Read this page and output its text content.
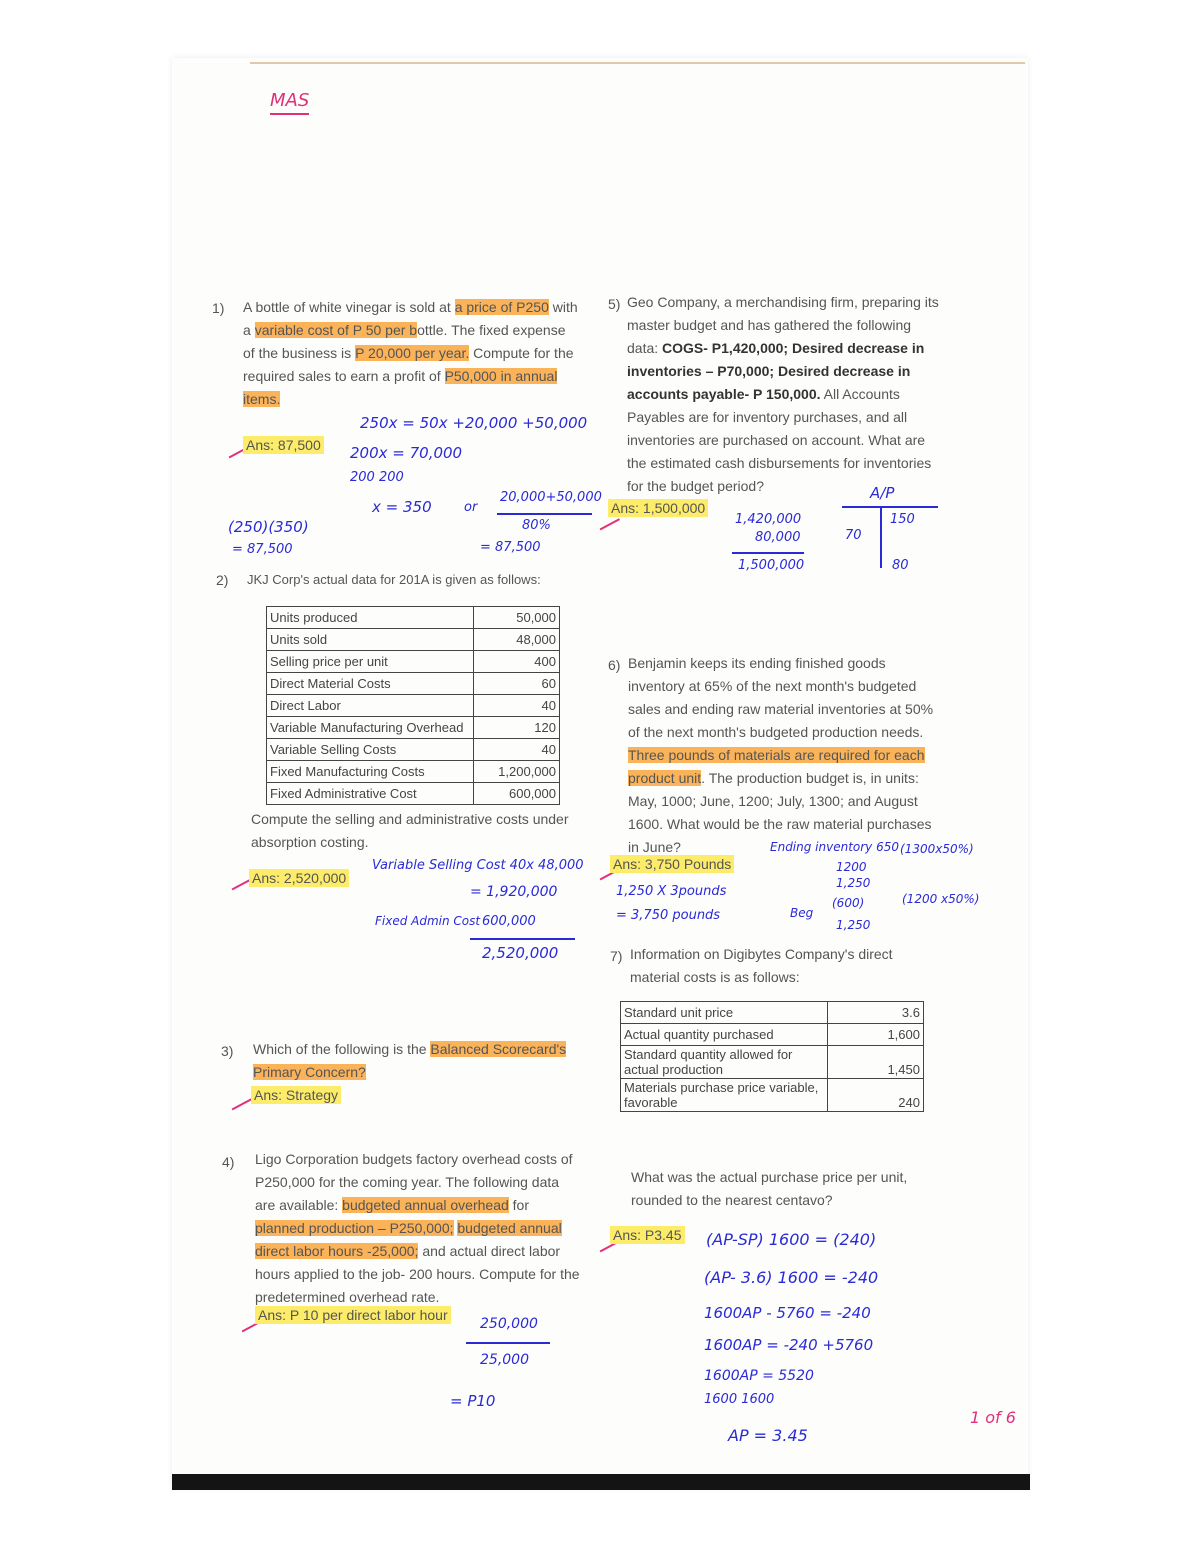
MAS
1) A bottle of white vinegar is sold at a price of P250 with a variable cost of P 50 per bottle. The fixed expense of the business is P 20,000 per year. Compute for the required sales to earn a profit of P50,000 in annual items.
Ans: 87,500
250x = 50x +20,000 +50,000
200x = 70,000
200 200
x = 350 or
20,000+50,000
80%
= 87,500
(250)(350)
= 87,500
2) JKJ Corp's actual data for 201A is given as follows:
Units produced	50,000
Units sold	48,000
Selling price per unit	400
Direct Material Costs	60
Direct Labor	40
Variable Manufacturing Overhead	120
Variable Selling Costs	40
Fixed Manufacturing Costs	1,200,000
Fixed Administrative Cost	600,000
Compute the selling and administrative costs under absorption costing.
Ans: 2,520,000
Variable Selling Cost 40x 48,000
= 1,920,000
Fixed Admin Cost 600,000
2,520,000
3) Which of the following is the Balanced Scorecard's Primary Concern?
Ans: Strategy
4) Ligo Corporation budgets factory overhead costs of P250,000 for the coming year. The following data are available: budgeted annual overhead for planned production – P250,000; budgeted annual direct labor hours -25,000; and actual direct labor hours applied to the job- 200 hours. Compute for the predetermined overhead rate.
Ans: P 10 per direct labor hour
250,000
25,000
= P10
5) Geo Company, a merchandising firm, preparing its master budget and has gathered the following data: COGS- P1,420,000; Desired decrease in inventories – P70,000; Desired decrease in accounts payable- P 150,000. All Accounts Payables are for inventory purchases, and all inventories are purchased on account. What are the estimated cash disbursements for inventories for the budget period?
Ans: 1,500,000
1,420,000
80,000
1,500,000
A/P
70
150
80
6) Benjamin keeps its ending finished goods inventory at 65% of the next month's budgeted sales and ending raw material inventories at 50% of the next month's budgeted production needs. Three pounds of materials are required for each product unit. The production budget is, in units: May, 1000; June, 1200; July, 1300; and August 1600. What would be the raw material purchases in June?
Ans: 3,750 Pounds
Ending inventory 650 (1300x50%)
1200
1,250
Beg
(600)	(1200 x50%)
1,250
1,250 X 3pounds
= 3,750 pounds
7) Information on Digibytes Company's direct material costs is as follows:
Standard unit price	3.6
Actual quantity purchased	1,600
Standard quantity allowed for actual production	1,450
Materials purchase price variable, favorable	240
What was the actual purchase price per unit, rounded to the nearest centavo?
Ans: P3.45 (AP-SP) 1600 = (240)
(AP- 3.6) 1600 = -240
1600AP - 5760 = -240
1600AP = -240 +5760
1600AP = 5520
1600 1600
AP = 3.45
1 of 6
